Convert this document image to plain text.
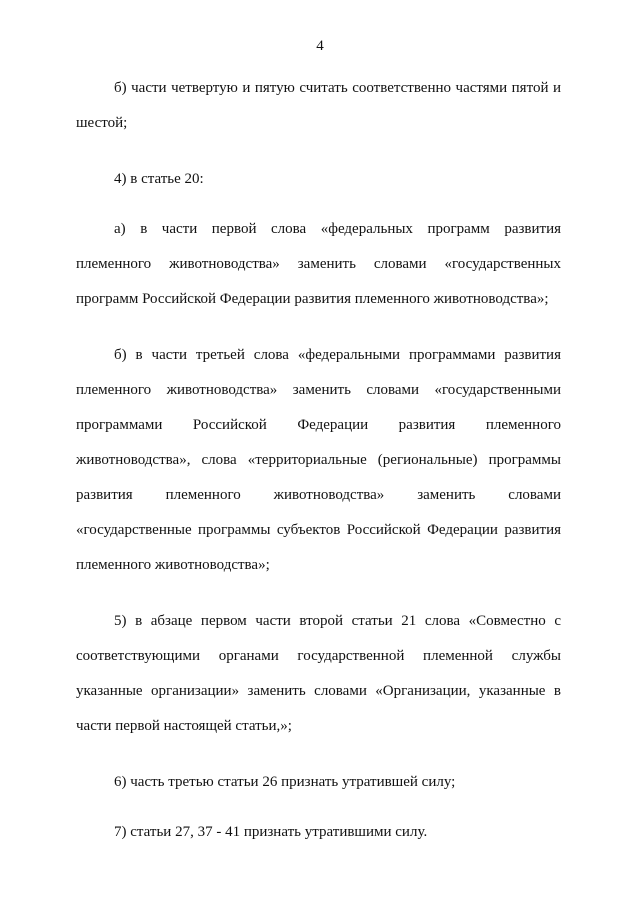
4

б) части четвертую и пятую считать соответственно частями пятой и шестой;

4) в статье 20:

а) в части первой слова «федеральных программ развития племенного животноводства» заменить словами «государственных программ Российской Федерации развития племенного животноводства»;

б) в части третьей слова «федеральными программами развития племенного животноводства» заменить словами «государственными программами Российской Федерации развития племенного животноводства», слова «территориальные (региональные) программы развития племенного животноводства» заменить словами «государственные программы субъектов Российской Федерации развития племенного животноводства»;

5) в абзаце первом части второй статьи 21 слова «Совместно с соответствующими органами государственной племенной службы указанные организации» заменить словами «Организации, указанные в части первой настоящей статьи,»;

6) часть третью статьи 26 признать утратившей силу;

7) статьи 27, 37 - 41 признать утратившими силу.
